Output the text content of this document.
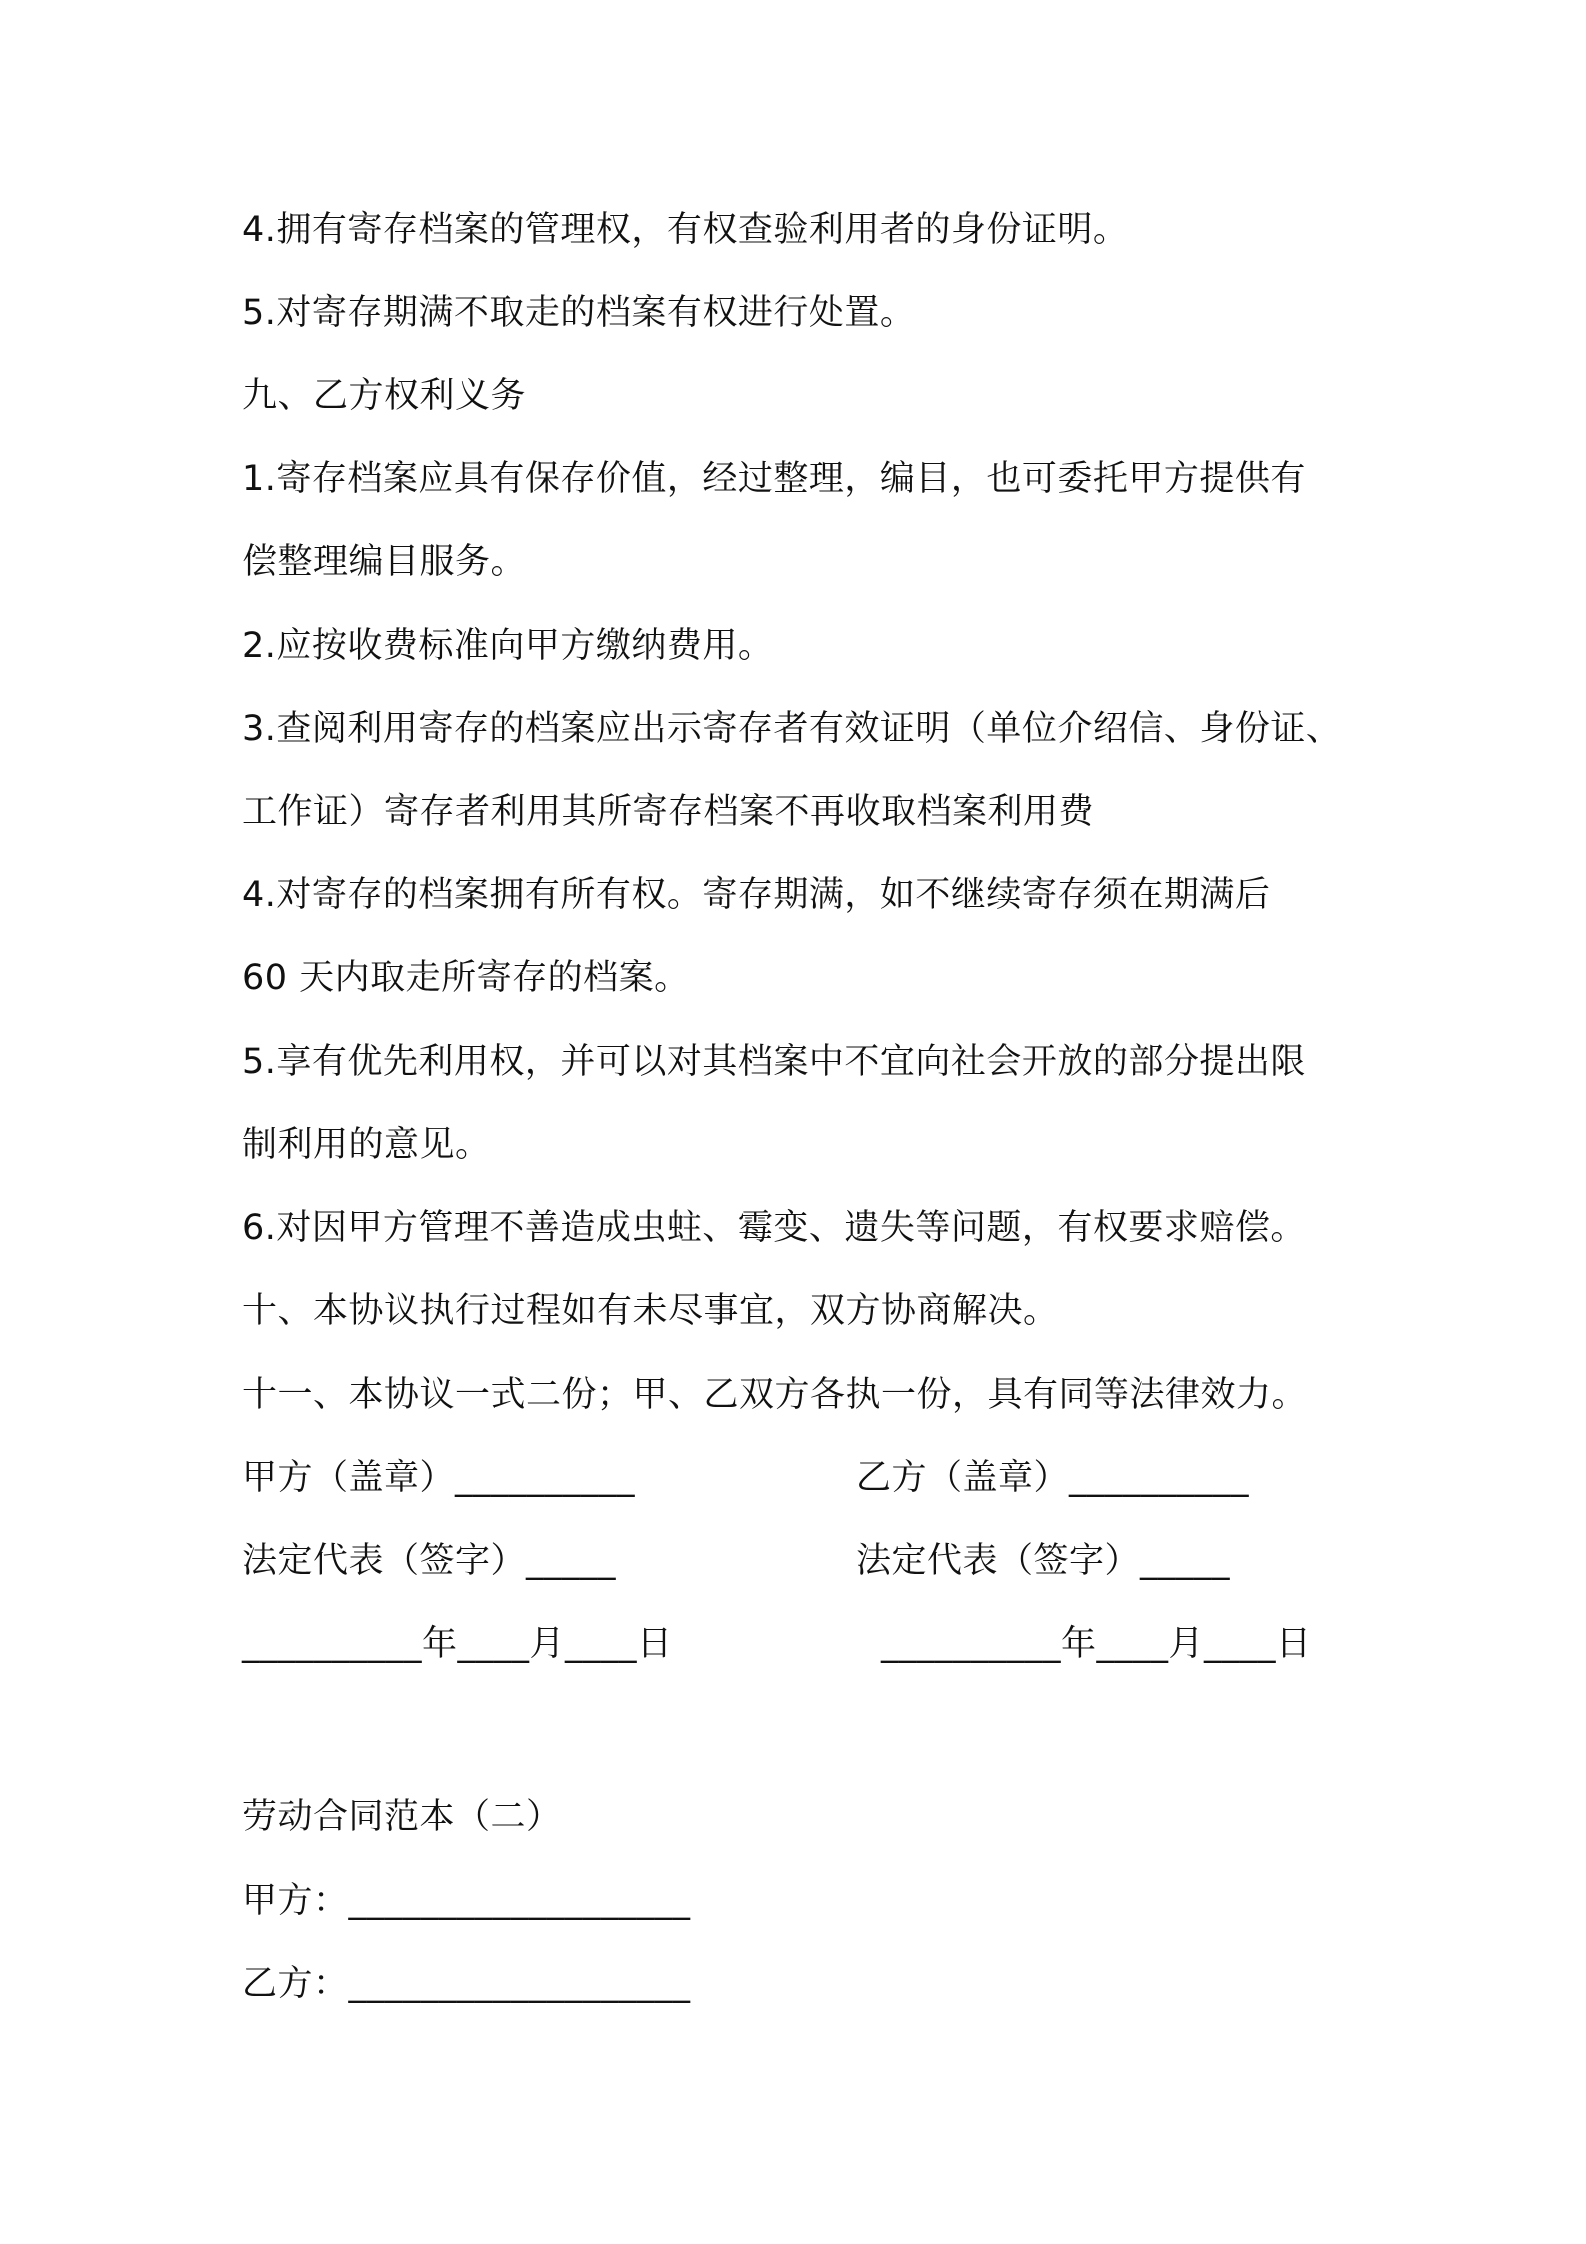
4.拥有寄存档案的管理权，有权查验利用者的身份证明。
5.对寄存期满不取走的档案有权进行处置。
九、乙方权利义务
1.寄存档案应具有保存价值，经过整理，编目，也可委托甲方提供有
偿整理编目服务。
2.应按收费标准向甲方缴纳费用。
3.查阅利用寄存的档案应出示寄存者有效证明（单位介绍信、身份证、
工作证）寄存者利用其所寄存档案不再收取档案利用费
4.对寄存的档案拥有所有权。寄存期满，如不继续寄存须在期满后
60 天内取走所寄存的档案。
5.享有优先利用权，并可以对其档案中不宜向社会开放的部分提出限
制利用的意见。
6.对因甲方管理不善造成虫蛀、霉变、遗失等问题，有权要求赔偿。
十、本协议执行过程如有未尽事宜，双方协商解决。
十一、本协议一式二份；甲、乙双方各执一份，具有同等法律效力。
甲方（盖章）__________	乙方（盖章）__________
法定代表（签字）_____	法定代表（签字）_____
__________年____月____日	__________年____月____日
劳动合同范本（二）
甲方：___________________
乙方：___________________
